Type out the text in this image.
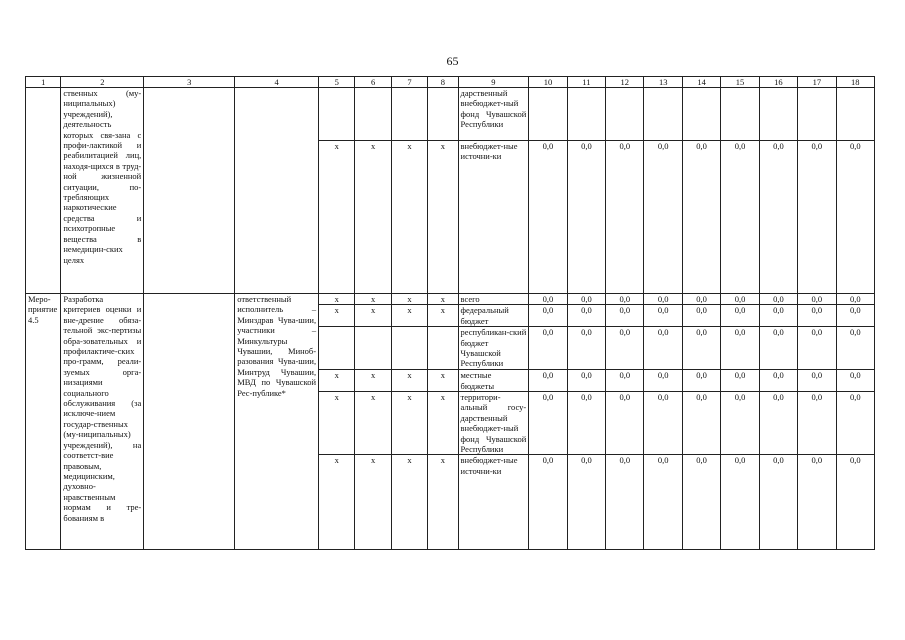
65
1	2	3	4	5	6	7	8	9	10	11	12	13	14	15	16	17	18
	ственных (му-ниципальных) учреждений), деятельность которых свя-зана с профи-лактикой и реабилитацией лиц, находя-щихся в труд-ной жизненной ситуации, по-требляющих наркотические средства и психотропные вещества в немедицин-ских целях							дарственный внебюджет-ный фонд Чувашской Республики									
				x	x	x	x	внебюджет-ные источни-ки	0,0	0,0	0,0	0,0	0,0	0,0	0,0	0,0	0,0
Меро-приятие 4.5	Разработка критериев оценки и вне-дрение обяза-тельной экс-пертизы обра-зовательных и профилактиче-ских про-грамм, реали-зуемых орга-низациями социального обслуживания (за исключе-нием государ-ственных (му-ниципальных) учреждений), на соответст-вие правовым, медицинским, духовно-нравственным нормам и тре-бованиям в		ответственный исполнитель – Минздрав Чува-шии, участники – Минкультуры Чувашии, Миноб-разования Чува-шии, Минтруд Чувашии, МВД по Чувашской Рес-публике*	x	x	x	x	всего	0,0	0,0	0,0	0,0	0,0	0,0	0,0	0,0	0,0
				x	x	x	x	федеральный бюджет	0,0	0,0	0,0	0,0	0,0	0,0	0,0	0,0	0,0
								республикан-ский бюджет Чувашской Республики	0,0	0,0	0,0	0,0	0,0	0,0	0,0	0,0	0,0
				x	x	x	x	местные бюджеты	0,0	0,0	0,0	0,0	0,0	0,0	0,0	0,0	0,0
				x	x	x	x	территори-альный госу-дарственный внебюджет-ный фонд Чувашской Республики	0,0	0,0	0,0	0,0	0,0	0,0	0,0	0,0	0,0
				x	x	x	x	внебюджет-ные источни-ки	0,0	0,0	0,0	0,0	0,0	0,0	0,0	0,0	0,0
